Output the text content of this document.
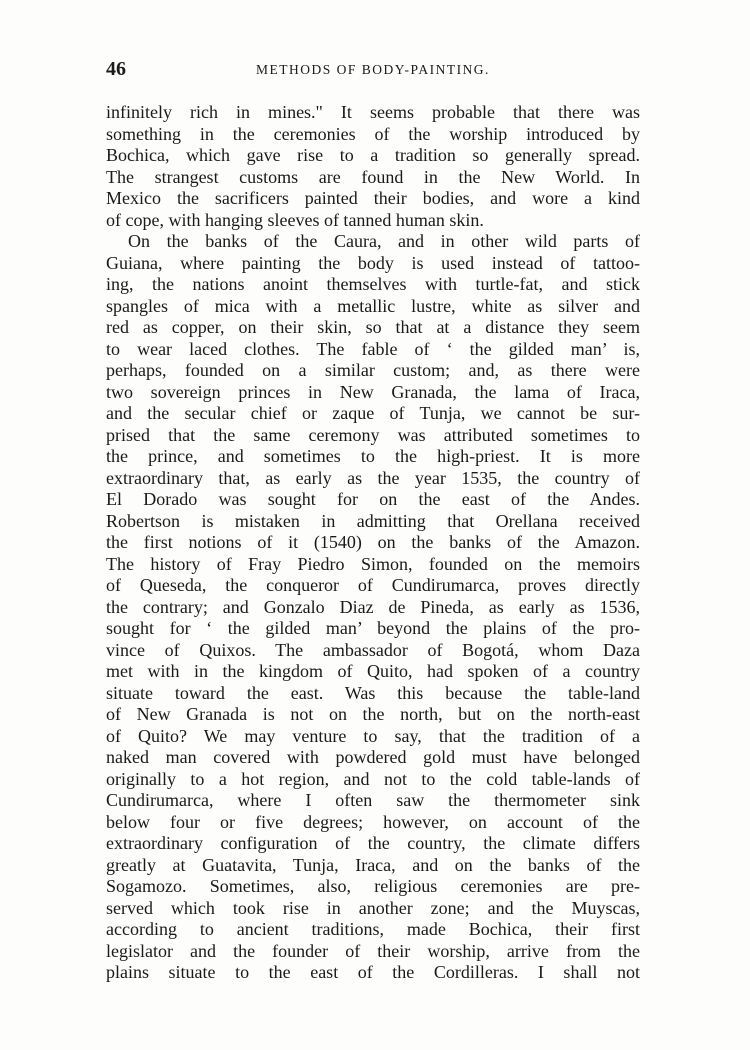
46	METHODS OF BODY-PAINTING.
infinitely rich in mines." It seems probable that there was
something in the ceremonies of the worship introduced by
Bochica, which gave rise to a tradition so generally spread.
The strangest customs are found in the New World. In
Mexico the sacrificers painted their bodies, and wore a kind
of cope, with hanging sleeves of tanned human skin.
On the banks of the Caura, and in other wild parts of
Guiana, where painting the body is used instead of tattoo-
ing, the nations anoint themselves with turtle-fat, and stick
spangles of mica with a metallic lustre, white as silver and
red as copper, on their skin, so that at a distance they seem
to wear laced clothes. The fable of ‘ the gilded man’ is,
perhaps, founded on a similar custom; and, as there were
two sovereign princes in New Granada, the lama of Iraca,
and the secular chief or zaque of Tunja, we cannot be sur-
prised that the same ceremony was attributed sometimes to
the prince, and sometimes to the high-priest. It is more
extraordinary that, as early as the year 1535, the country of
El Dorado was sought for on the east of the Andes.
Robertson is mistaken in admitting that Orellana received
the first notions of it (1540) on the banks of the Amazon.
The history of Fray Piedro Simon, founded on the memoirs
of Queseda, the conqueror of Cundirumarca, proves directly
the contrary; and Gonzalo Diaz de Pineda, as early as 1536,
sought for ‘ the gilded man’ beyond the plains of the pro-
vince of Quixos. The ambassador of Bogotá, whom Daza
met with in the kingdom of Quito, had spoken of a country
situate toward the east. Was this because the table-land
of New Granada is not on the north, but on the north-east
of Quito? We may venture to say, that the tradition of a
naked man covered with powdered gold must have belonged
originally to a hot region, and not to the cold table-lands of
Cundirumarca, where I often saw the thermometer sink
below four or five degrees; however, on account of the
extraordinary configuration of the country, the climate differs
greatly at Guatavita, Tunja, Iraca, and on the banks of the
Sogamozo. Sometimes, also, religious ceremonies are pre-
served which took rise in another zone; and the Muyscas,
according to ancient traditions, made Bochica, their first
legislator and the founder of their worship, arrive from the
plains situate to the east of the Cordilleras. I shall not
